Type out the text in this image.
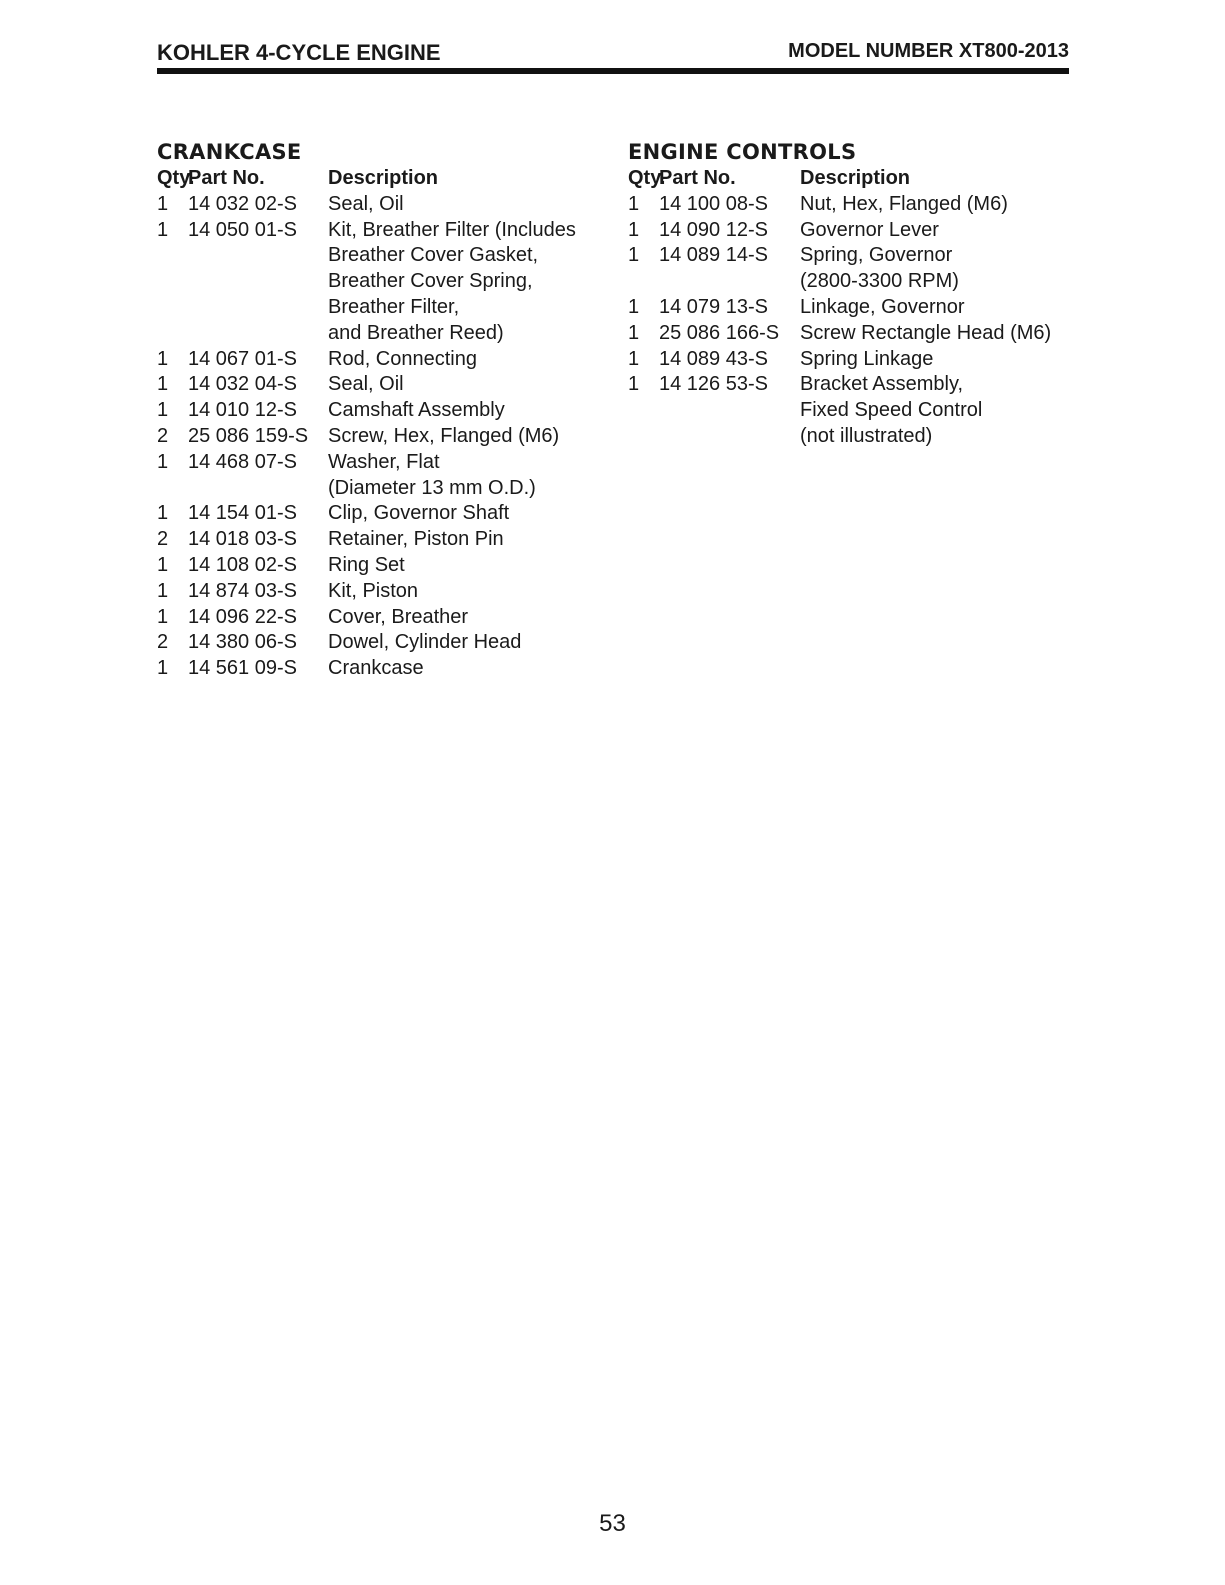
KOHLER 4-CYCLE ENGINE	MODEL NUMBER XT800-2013
CRANKCASE
Qty.
Part No.	Description
1 14 032 02-S	Seal, Oil
1 14 050 01-S	Kit, Breather Filter (Includes
Breather Cover Gasket,
Breather Cover Spring,
Breather Filter,
and Breather Reed)
1 14 067 01-S	Rod, Connecting
1 14 032 04-S	Seal, Oil
1 14 010 12-S	Camshaft Assembly
2 25 086 159-S Screw, Hex, Flanged (M6)
1 14 468 07-S	Washer, Flat
(Diameter 13 mm O.D.)
1 14 154 01-S	Clip, Governor Shaft
2 14 018 03-S	Retainer, Piston Pin
1 14 108 02-S	Ring Set
1 14 874 03-S	Kit, Piston
1 14 096 22-S	Cover, Breather
2 14 380 06-S	Dowel, Cylinder Head
1 14 561 09-S	Crankcase
ENGINE CONTROLS
Qty.
Part No.	Description
1 14 100 08-S	Nut, Hex, Flanged (M6)
1 14 090 12-S	Governor Lever
1 14 089 14-S	Spring, Governor
(2800-3300 RPM)
1 14 079 13-S	Linkage, Governor
1 25 086 166-S	Screw Rectangle Head (M6)
1 14 089 43-S	Spring Linkage
1 14 126 53-S	Bracket Assembly,
Fixed Speed Control
(not illustrated)
53
